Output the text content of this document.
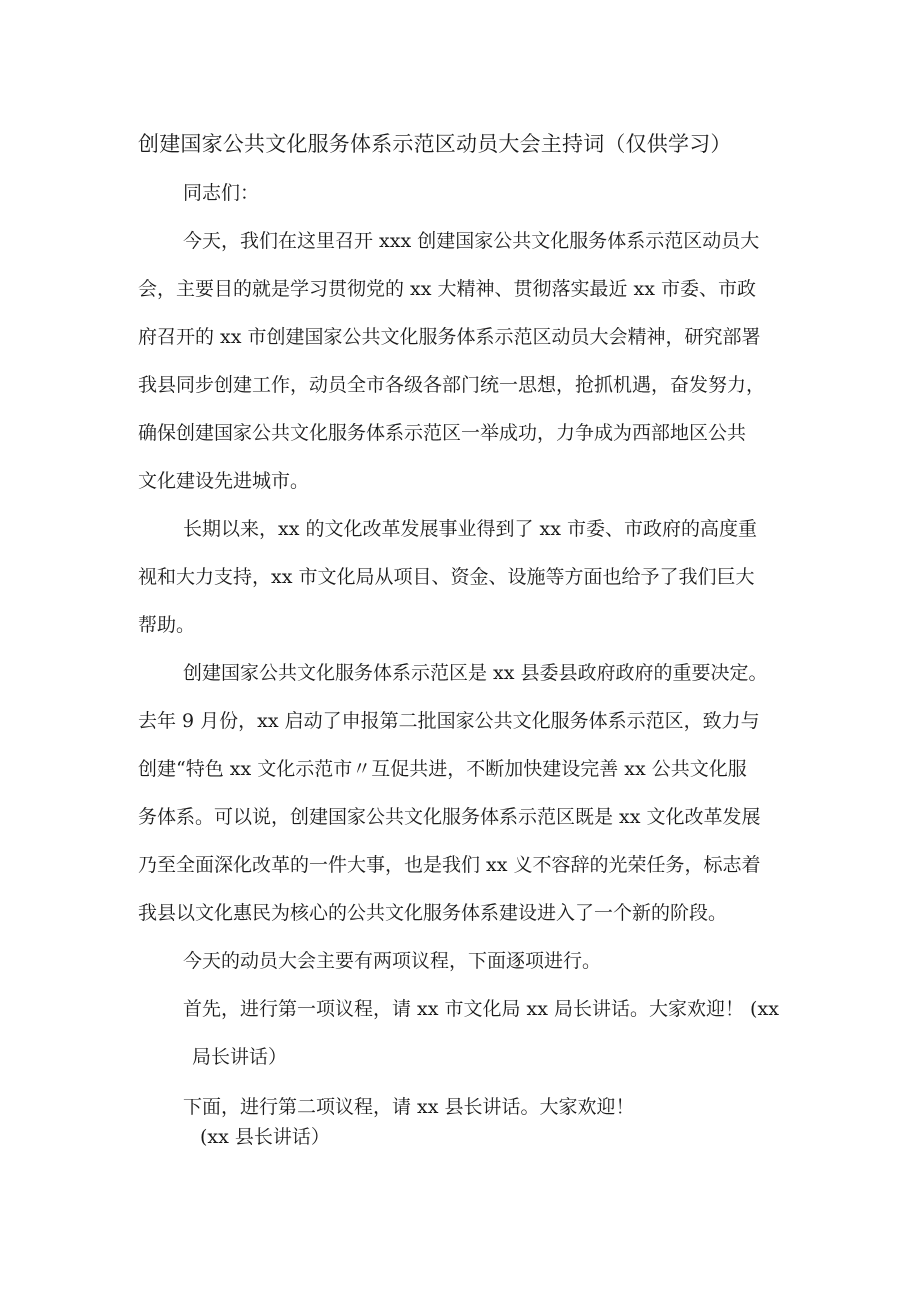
创建国家公共文化服务体系示范区动员大会主持词（仅供学习）
同志们：
今天，我们在这里召开 xxx 创建国家公共文化服务体系示范区动员大
会，主要目的就是学习贯彻党的 xx 大精神、贯彻落实最近 xx 市委、市政
府召开的 xx 市创建国家公共文化服务体系示范区动员大会精神，研究部署
我县同步创建工作，动员全市各级各部门统一思想，抢抓机遇，奋发努力，
确保创建国家公共文化服务体系示范区一举成功，力争成为西部地区公共
文化建设先进城市。
长期以来，xx 的文化改革发展事业得到了 xx 市委、市政府的高度重
视和大力支持，xx 市文化局从项目、资金、设施等方面也给予了我们巨大
帮助。
创建国家公共文化服务体系示范区是 xx 县委县政府政府的重要决定。
去年 9 月份，xx 启动了申报第二批国家公共文化服务体系示范区，致力与
创建“特色 xx 文化示范市〃互促共进，不断加快建设完善 xx 公共文化服
务体系。可以说，创建国家公共文化服务体系示范区既是 xx 文化改革发展
乃至全面深化改革的一件大事，也是我们 xx 义不容辞的光荣任务，标志着
我县以文化惠民为核心的公共文化服务体系建设进入了一个新的阶段。
今天的动员大会主要有两项议程，下面逐项进行。
首先，进行第一项议程，请 xx 市文化局 xx 局长讲话。大家欢迎！ (xx
局长讲话）
下面，进行第二项议程，请 xx 县长讲话。大家欢迎！
(xx 县长讲话）
